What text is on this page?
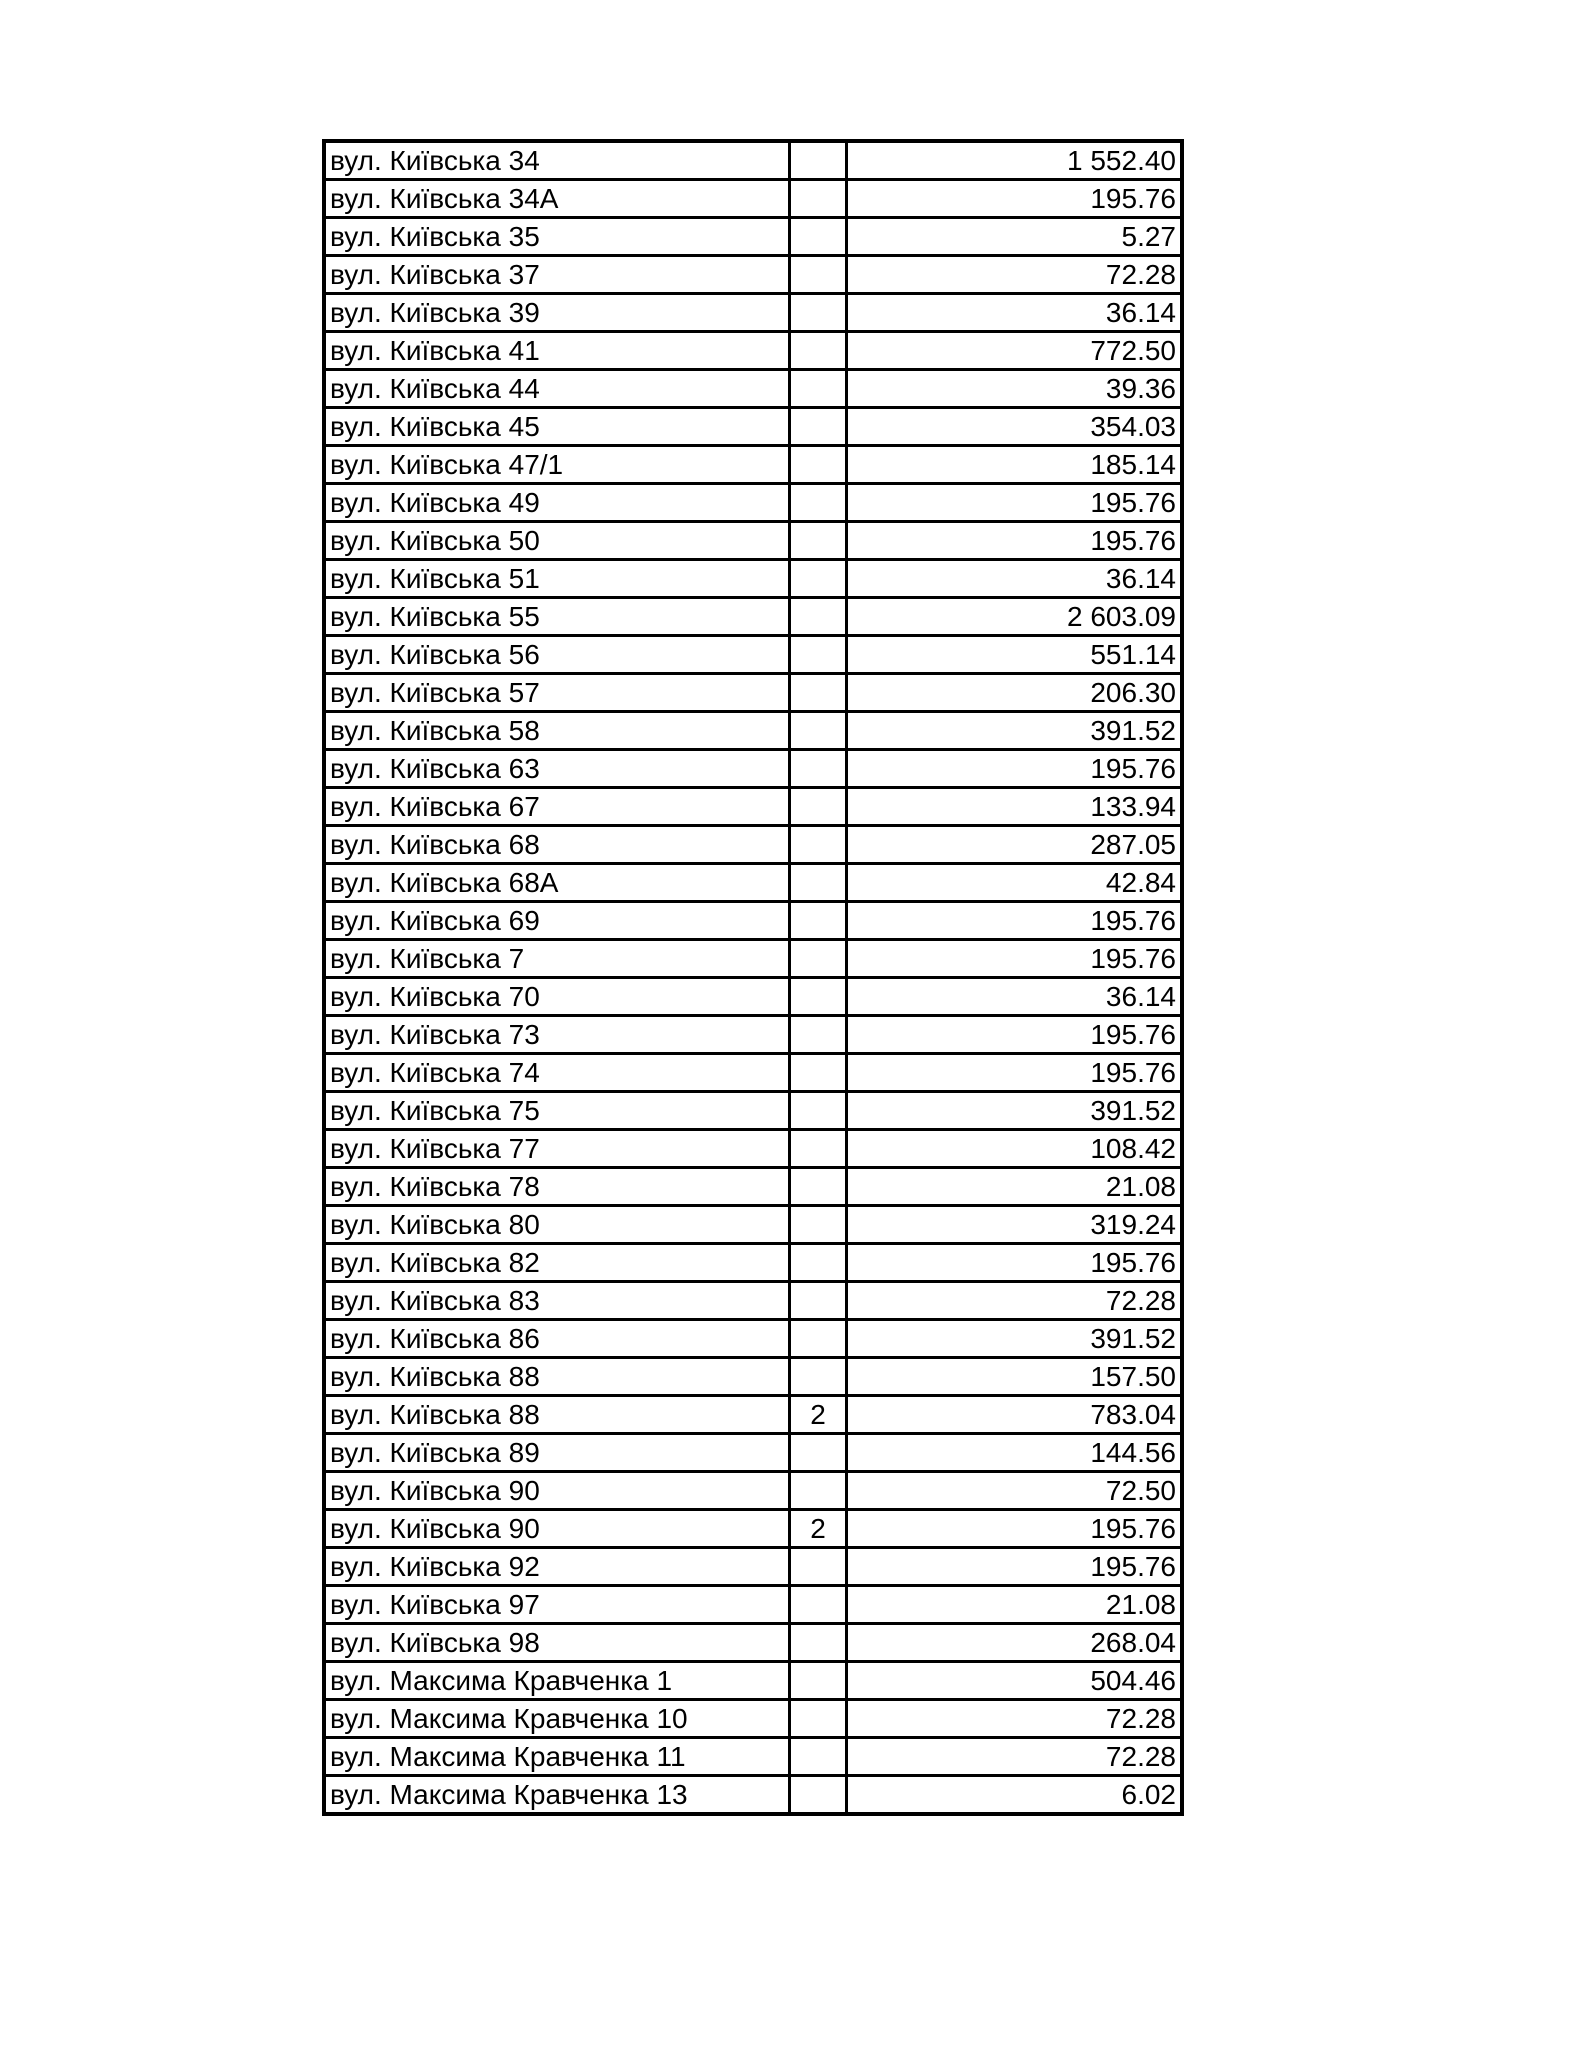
вул. Київська 34		1 552.40
вул. Київська 34А		195.76
вул. Київська 35		5.27
вул. Київська 37		72.28
вул. Київська 39		36.14
вул. Київська 41		772.50
вул. Київська 44		39.36
вул. Київська 45		354.03
вул. Київська 47/1		185.14
вул. Київська 49		195.76
вул. Київська 50		195.76
вул. Київська 51		36.14
вул. Київська 55		2 603.09
вул. Київська 56		551.14
вул. Київська 57		206.30
вул. Київська 58		391.52
вул. Київська 63		195.76
вул. Київська 67		133.94
вул. Київська 68		287.05
вул. Київська 68А		42.84
вул. Київська 69		195.76
вул. Київська 7		195.76
вул. Київська 70		36.14
вул. Київська 73		195.76
вул. Київська 74		195.76
вул. Київська 75		391.52
вул. Київська 77		108.42
вул. Київська 78		21.08
вул. Київська 80		319.24
вул. Київська 82		195.76
вул. Київська 83		72.28
вул. Київська 86		391.52
вул. Київська 88		157.50
вул. Київська 88	2	783.04
вул. Київська 89		144.56
вул. Київська 90		72.50
вул. Київська 90	2	195.76
вул. Київська 92		195.76
вул. Київська 97		21.08
вул. Київська 98		268.04
вул. Максима Кравченка 1		504.46
вул. Максима Кравченка 10		72.28
вул. Максима Кравченка 11		72.28
вул. Максима Кравченка 13		6.02
